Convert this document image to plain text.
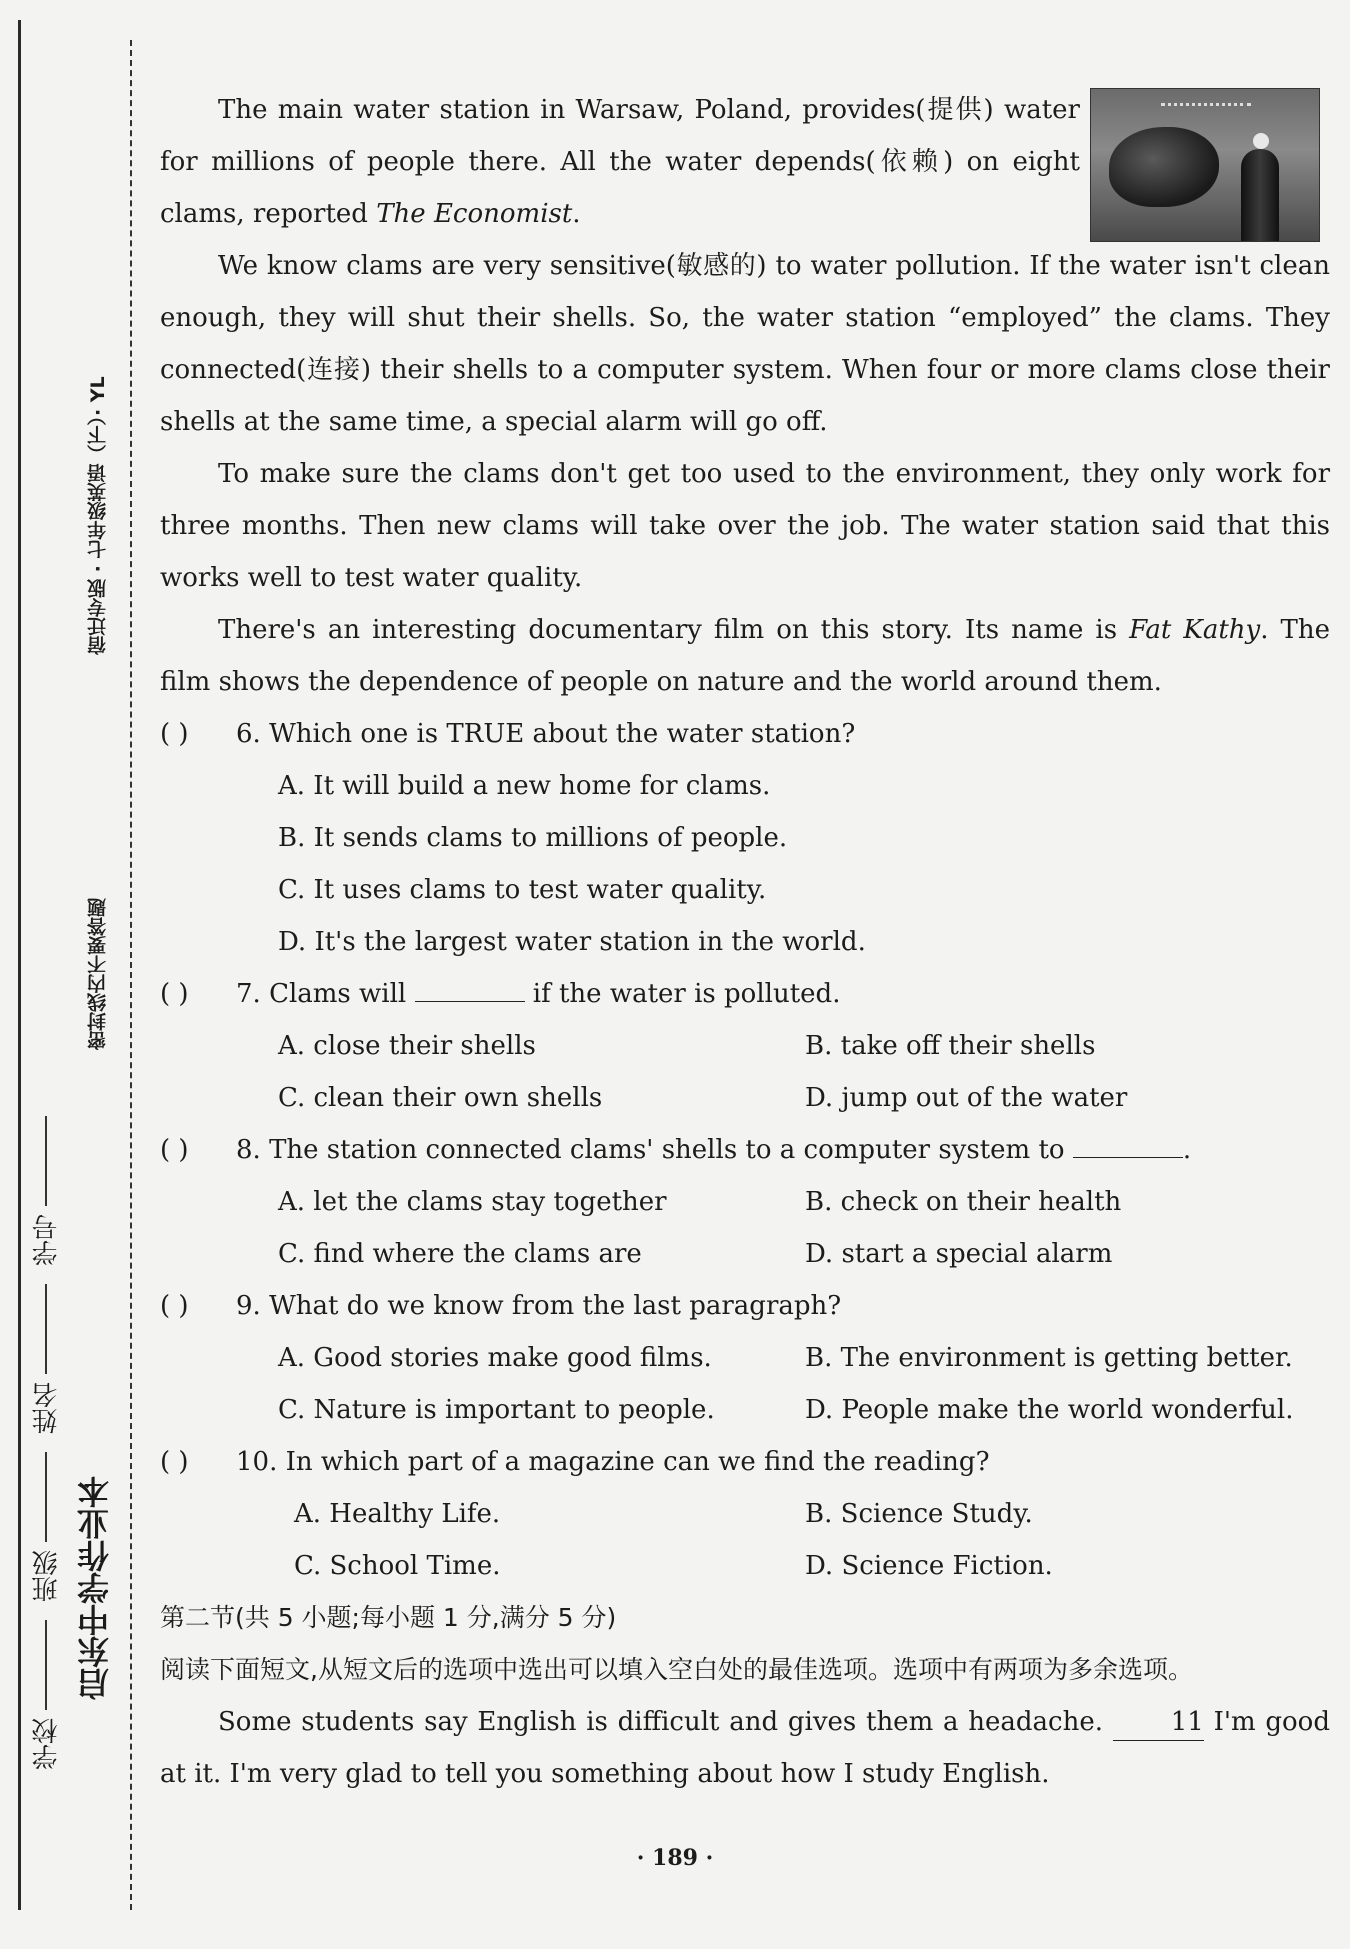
宿迁专版 · 七年级英语（下）· YL
密封线内不要答题
启东中学作业本
学校
班级
姓名
学号

The main water station in Warsaw, Poland, provides(提供) water for millions of people there. All the water depends(依赖) on eight clams, reported The Economist.

We know clams are very sensitive(敏感的) to water pollution. If the water isn't clean enough, they will shut their shells. So, the water station “employed” the clams. They connected(连接) their shells to a computer system. When four or more clams close their shells at the same time, a special alarm will go off.

To make sure the clams don't get too used to the environment, they only work for three months. Then new clams will take over the job. The water station said that this works well to test water quality.

There's an interesting documentary film on this story. Its name is Fat Kathy. The film shows the dependence of people on nature and the world around them.

( ) 6. Which one is TRUE about the water station?
A. It will build a new home for clams.
B. It sends clams to millions of people.
C. It uses clams to test water quality.
D. It's the largest water station in the world.
( ) 7. Clams will	if the water is polluted.
A. close their shells	B. take off their shells
C. clean their own shells	D. jump out of the water
( ) 8. The station connected clams' shells to a computer system to	.
A. let the clams stay together	B. check on their health
C. find where the clams are	D. start a special alarm
( ) 9. What do we know from the last paragraph?
A. Good stories make good films.	B. The environment is getting better.
C. Nature is important to people.	D. People make the world wonderful.
( ) 10. In which part of a magazine can we find the reading?
A. Healthy Life.	B. Science Study.
C. School Time.	D. Science Fiction.

第二节(共 5 小题;每小题 1 分,满分 5 分)

阅读下面短文,从短文后的选项中选出可以填入空白处的最佳选项。选项中有两项为多余选项。

Some students say English is difficult and gives them a headache. 11 I'm good at it. I'm very glad to tell you something about how I study English.

· 189 ·
